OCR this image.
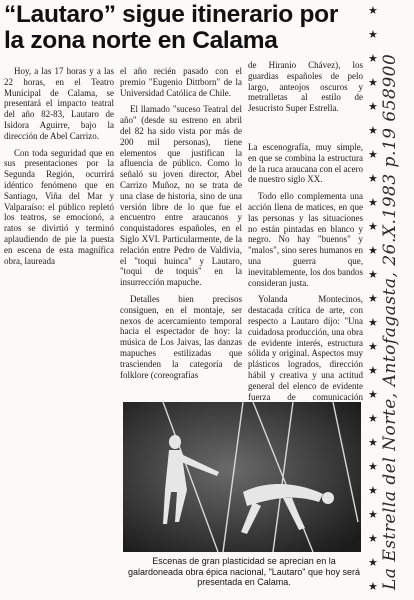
“Lautaro” sigue itinerario por la zona norte en Calama

Hoy, a las 17 horas y a las 22 horas, en el Teatro Municipal de Calama, se presentará el impacto teatral del año 82-83, Lautaro de Isidora Aguirre, bajo la dirección de Abel Carrizo.

Con toda seguridad que en sus presentaciones por la Segunda Región, ocurrirá idéntico fenómeno que en Santiago, Viña del Mar y Valparaíso: el público repletó los teatros, se emocionó, a ratos se divirtió y terminó aplaudiendo de pie la puesta en escena de esta magnífica obra, laureada

el año recién pasado con el premio "Eugenio Dittborn" de la Universidad Católica de Chile.

El llamado "suceso Teatral del año" (desde su estreno en abril del 82 ha sido vista por más de 200 mil personas), tiene elementos que justifican la afluencia de público. Como lo señaló su joven director, Abel Carrizo Muñoz, no se trata de una clase de historia, sino de una versión libre de lo que fue el encuentro entre araucanos y conquistadores españoles, en el Siglo XVI. Particularmente, de la relación entre Pedro de Valdivia, el "toqui huinca" y Lautaro, "toqui de toquis" en la insurrección mapuche.

Detalles bien precisos consiguen, en el montaje, ser nexos de acercamiento temporal hacia el espectador de hoy: la música de Los Jaivas, las danzas mapuches estilizadas que trascienden la categoría de folklore (coreografías

de Hiranio Chávez), los guardias españoles de pelo largo, anteojos oscuros y metralletas al estilo de Jesucristo Super Estrella.

La escenografía, muy simple, en que se combina la estructura de la ruca araucana con el acero de nuestro siglo XX.

Todo ello complementa una acción llena de matices, en que las personas y las situaciones no están pintadas en blanco y negro. No hay "buenos" y "malos", sino seres humanos en una guerra que, inevitablemente, los dos bandos consideran justa.

Yolanda Montecinos, destacada crítica de arte, con respecto a Lautaro dijo: "Una cuidadosa producción, una obra de evidente interés, estructura sólida y original. Aspectos muy plásticos logrados, dirección hábil y creativa y una actitud general del elenco de evidente fuerza de comunicación

Escenas de gran plasticidad se aprecian en la galardoneada obra épica nacional, "Lautaro" que hoy será presentada en Calama.
★
★
★
★
★
★
★
★
★
★
★
★
★
★
★
★
★
★
★
★
★
★
★
★
★ La Estrella del Norte, Antofagasta, 26.X.1983 p.19 658900
